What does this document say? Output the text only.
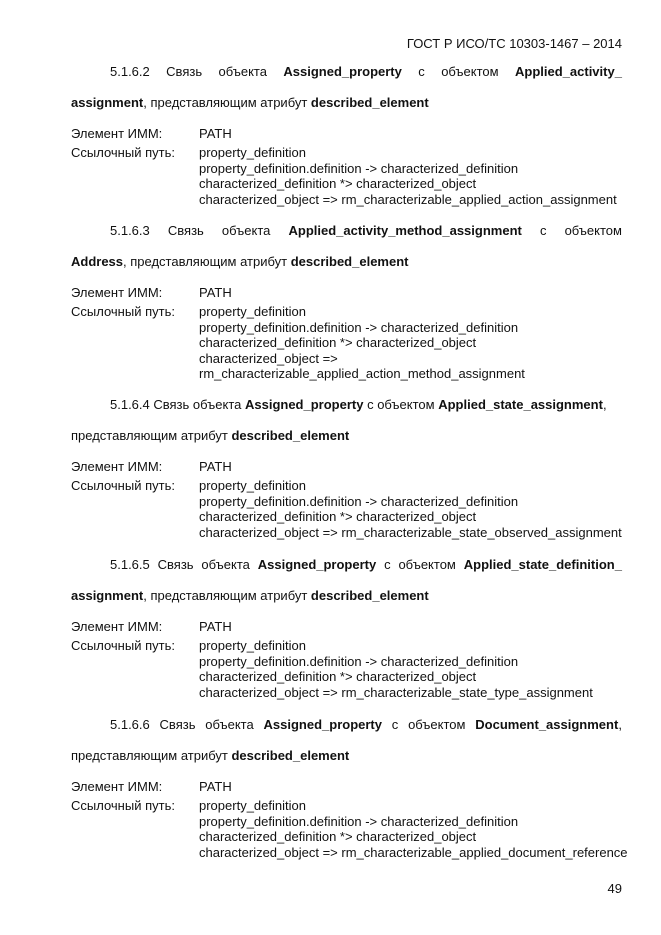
ГОСТ Р ИСО/ТС 10303-1467 – 2014
5.1.6.2 Связь объекта Assigned_property с объектом Applied_activity_
assignment, представляющим атрибут described_element
Элемент ИММ:	PATH
Ссылочный путь:	property_definition
property_definition.definition -> characterized_definition
characterized_definition *> characterized_object
characterized_object => rm_characterizable_applied_action_assignment
5.1.6.3 Связь объекта Applied_activity_method_assignment с объектом
Address, представляющим атрибут described_element
Элемент ИММ:	PATH
Ссылочный путь:	property_definition
property_definition.definition -> characterized_definition
characterized_definition *> characterized_object
characterized_object =>
rm_characterizable_applied_action_method_assignment
5.1.6.4 Связь объекта Assigned_property с объектом Applied_state_assignment,
представляющим атрибут described_element
Элемент ИММ:	PATH
Ссылочный путь:	property_definition
property_definition.definition -> characterized_definition
characterized_definition *> characterized_object
characterized_object => rm_characterizable_state_observed_assignment
5.1.6.5 Связь объекта Assigned_property с объектом Applied_state_definition_
assignment, представляющим атрибут described_element
Элемент ИММ:	PATH
Ссылочный путь:	property_definition
property_definition.definition -> characterized_definition
characterized_definition *> characterized_object
characterized_object => rm_characterizable_state_type_assignment
5.1.6.6 Связь объекта Assigned_property с объектом Document_assignment,
представляющим атрибут described_element
Элемент ИММ:	PATH
Ссылочный путь:	property_definition
property_definition.definition -> characterized_definition
characterized_definition *> characterized_object
characterized_object => rm_characterizable_applied_document_reference
49
